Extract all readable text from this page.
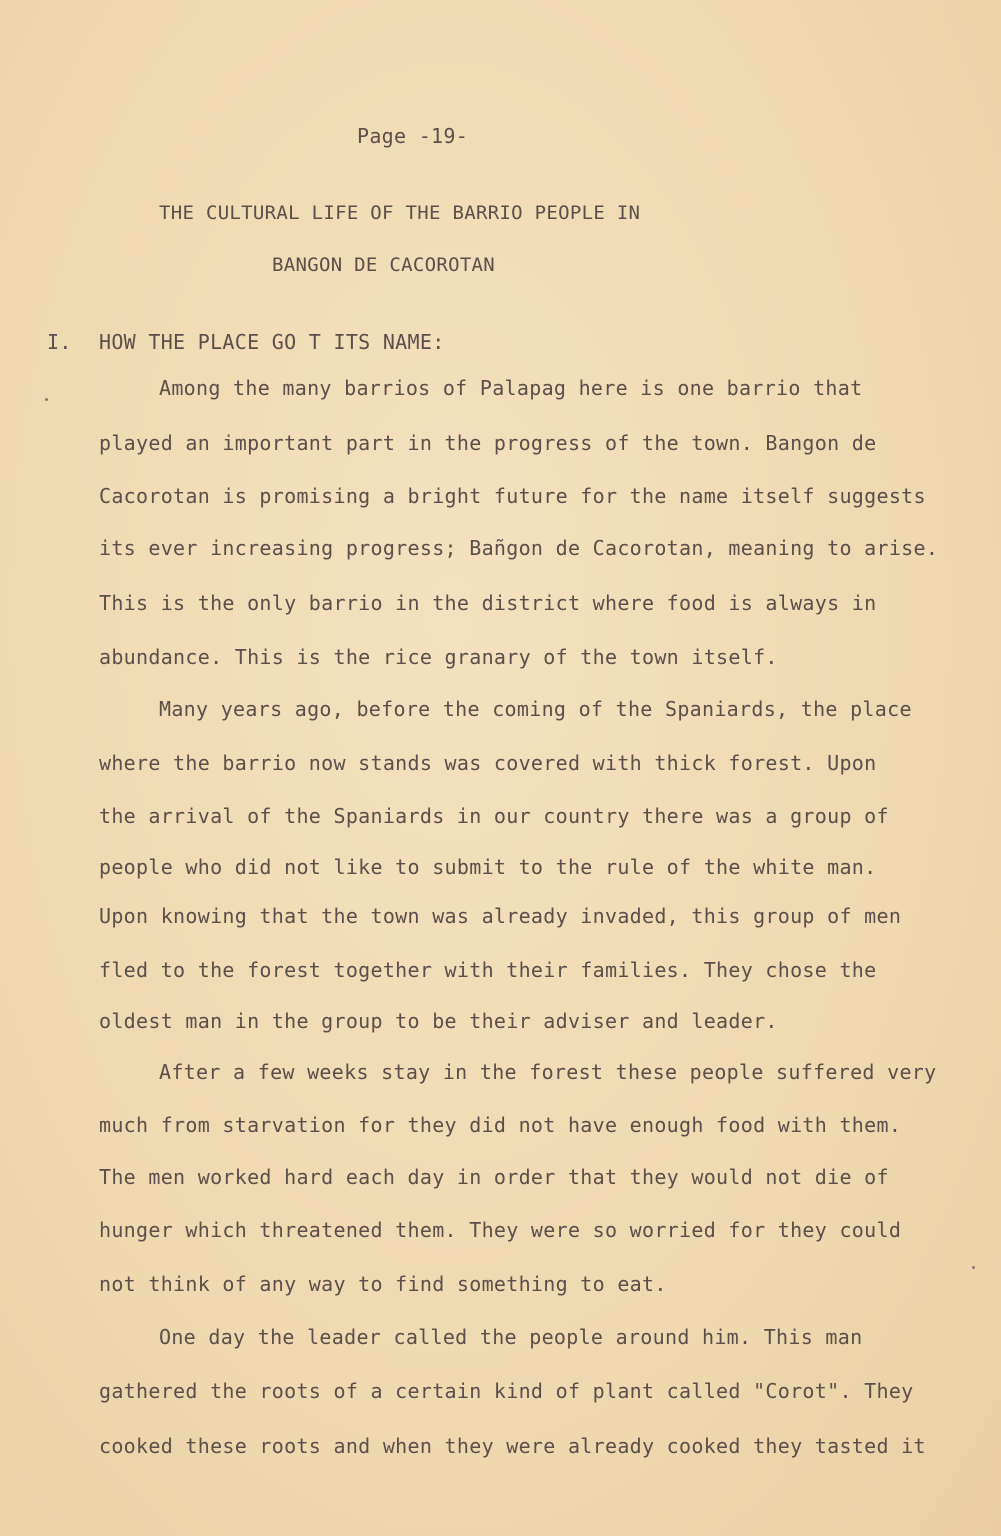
Page -19-
THE CULTURAL LIFE OF THE BARRIO PEOPLE IN
BANGON DE CACOROTAN
I. HOW THE PLACE GO T ITS NAME:
Among the many barrios of Palapag here is one barrio that
played an important part in the progress of the town. Bangon de
Cacorotan is promising a bright future for the name itself suggests
its ever increasing progress; Bañgon de Cacorotan, meaning to arise.
This is the only barrio in the district where food is always in
abundance. This is the rice granary of the town itself.
Many years ago, before the coming of the Spaniards, the place
where the barrio now stands was covered with thick forest. Upon
the arrival of the Spaniards in our country there was a group of
people who did not like to submit to the rule of the white man.
Upon knowing that the town was already invaded, this group of men
fled to the forest together with their families. They chose the
oldest man in the group to be their adviser and leader.
After a few weeks stay in the forest these people suffered very
much from starvation for they did not have enough food with them.
The men worked hard each day in order that they would not die of
hunger which threatened them. They were so worried for they could
not think of any way to find something to eat.
One day the leader called the people around him. This man
gathered the roots of a certain kind of plant called "Corot". They
cooked these roots and when they were already cooked they tasted it
